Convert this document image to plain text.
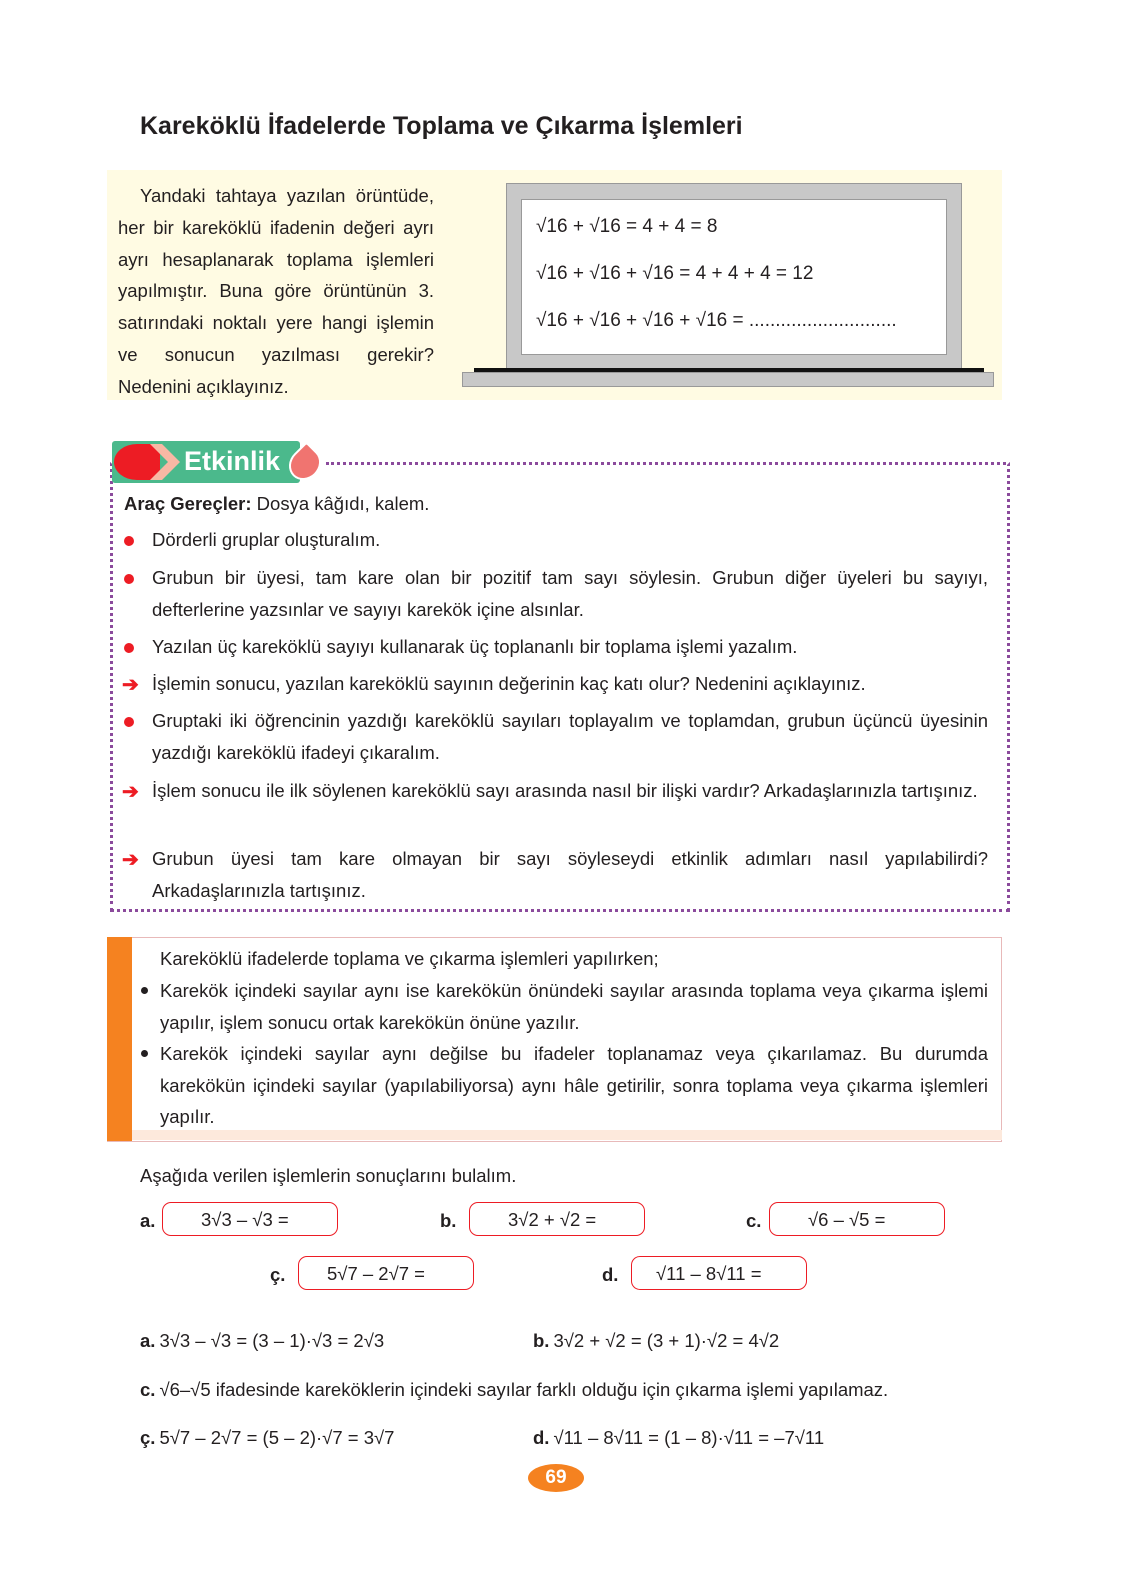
Kareköklü İfadelerde Toplama ve Çıkarma İşlemleri
Yandaki tahtaya yazılan örüntüde, her bir kareköklü ifadenin değeri ayrı ayrı hesaplanarak toplama işlemleri yapılmıştır. Buna göre örüntünün 3. satırındaki noktalı yere hangi işlemin ve sonucun yazılması gerekir? Nedenini açıklayınız.
√16 + √16 = 4 + 4 = 8
√16 + √16 + √16 = 4 + 4 + 4 = 12
√16 + √16 + √16 + √16 = ............................
Etkinlik
Araç Gereçler: Dosya kâğıdı, kalem.
Dörderli gruplar oluşturalım.
Grubun bir üyesi, tam kare olan bir pozitif tam sayı söylesin. Grubun diğer üyeleri bu sayıyı, defterlerine yazsınlar ve sayıyı karekök içine alsınlar.
Yazılan üç kareköklü sayıyı kullanarak üç toplananlı bir toplama işlemi yazalım.
➔ İşlemin sonucu, yazılan kareköklü sayının değerinin kaç katı olur? Nedenini açıklayınız.
Gruptaki iki öğrencinin yazdığı kareköklü sayıları toplayalım ve toplamdan, grubun üçüncü üyesinin yazdığı kareköklü ifadeyi çıkaralım.
➔ İşlem sonucu ile ilk söylenen kareköklü sayı arasında nasıl bir ilişki vardır? Arkadaşlarınızla tartışınız.
➔ Grubun üyesi tam kare olmayan bir sayı söyleseydi etkinlik adımları nasıl yapılabilirdi? Arkadaşlarınızla tartışınız.
Kareköklü ifadelerde toplama ve çıkarma işlemleri yapılırken;
Karekök içindeki sayılar aynı ise karekökün önündeki sayılar arasında toplama veya çıkarma işlemi yapılır, işlem sonucu ortak karekökün önüne yazılır.
Karekök içindeki sayılar aynı değilse bu ifadeler toplanamaz veya çıkarılamaz. Bu durumda karekökün içindeki sayılar (yapılabiliyorsa) aynı hâle getirilir, sonra toplama veya çıkarma işlemleri yapılır.
Aşağıda verilen işlemlerin sonuçlarını bulalım.
a.	3√3 – √3 =	b.	3√2 + √2 =	c.	√6 – √5 =
ç.	5√7 – 2√7 =	d.	√11 – 8√11 =
a. 3√3 – √3 = (3 – 1)·√3 = 2√3	b. 3√2 + √2 = (3 + 1)·√2 = 4√2
c. √6–√5 ifadesinde kareköklerin içindeki sayılar farklı olduğu için çıkarma işlemi yapılamaz.
ç. 5√7 – 2√7 = (5 – 2)·√7 = 3√7	d. √11 – 8√11 = (1 – 8)·√11 = –7√11
69
